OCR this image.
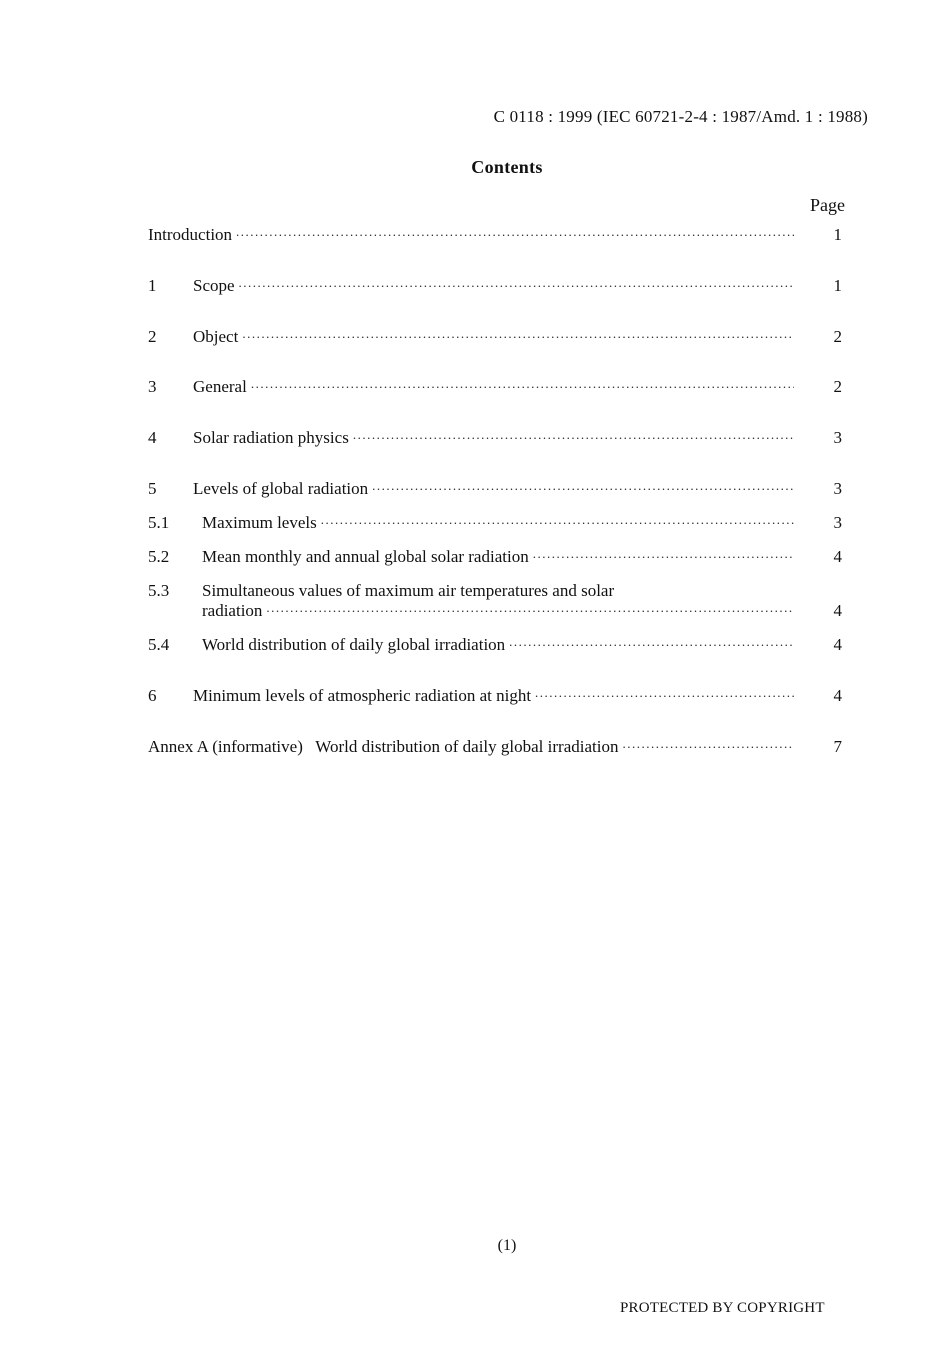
C 0118 : 1999 (IEC 60721-2-4 : 1987/Amd. 1 : 1988)
Contents
Page
Introduction .....	1
1	Scope .....	1
2	Object .....	2
3	General .....	2
4	Solar radiation physics .....	3
5	Levels of global radiation .....	3
5.1	Maximum levels .....	3
5.2	Mean monthly and annual global solar radiation .....	4
5.3	Simultaneous values of maximum air temperatures and solar
radiation .....	4
5.4	World distribution of daily global irradiation .....	4
6	Minimum levels of atmospheric radiation at night .....	4
Annex A (informative)   World distribution of daily global irradiation .....	7
(1)
PROTECTED BY COPYRIGHT
